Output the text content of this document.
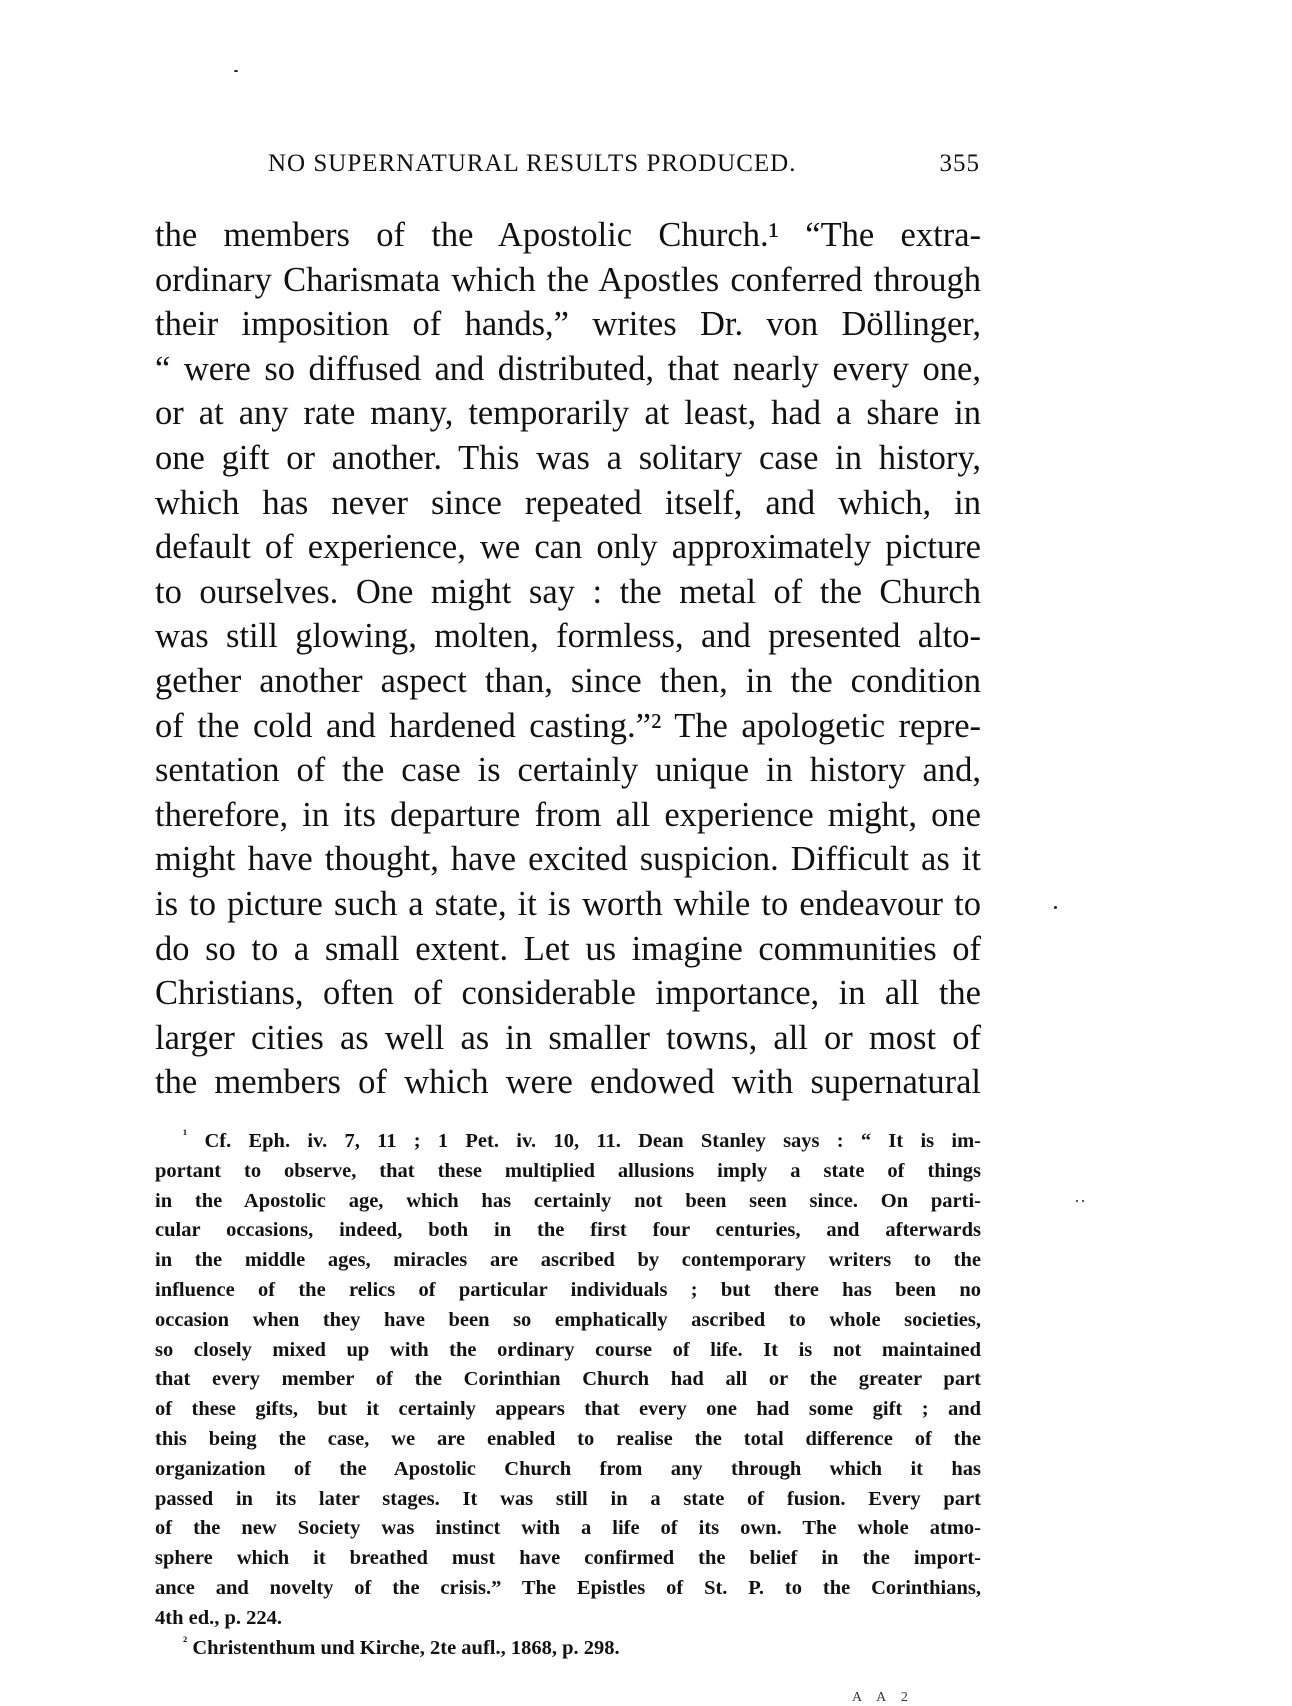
NO SUPERNATURAL RESULTS PRODUCED.	355
the members of the Apostolic Church.¹ “The extra-
ordinary Charismata which the Apostles conferred through
their imposition of hands,” writes Dr. von Döllinger,
“ were so diffused and distributed, that nearly every one,
or at any rate many, temporarily at least, had a share in
one gift or another. This was a solitary case in history,
which has never since repeated itself, and which, in
default of experience, we can only approximately picture
to ourselves. One might say : the metal of the Church
was still glowing, molten, formless, and presented alto-
gether another aspect than, since then, in the condition
of the cold and hardened casting.”² The apologetic repre-
sentation of the case is certainly unique in history and,
therefore, in its departure from all experience might, one
might have thought, have excited suspicion. Difficult as it
is to picture such a state, it is worth while to endeavour to
do so to a small extent. Let us imagine communities of
Christians, often of considerable importance, in all the
larger cities as well as in smaller towns, all or most of
the members of which were endowed with supernatural
$^{^1}$ Cf. Eph. iv. 7, 11 ; 1 Pet. iv. 10, 11. Dean Stanley says : “ It is im-
portant to observe, that these multiplied allusions imply a state of things
in the Apostolic age, which has certainly not been seen since. On parti-
cular occasions, indeed, both in the first four centuries, and afterwards
in the middle ages, miracles are ascribed by contemporary writers to the
influence of the relics of particular individuals ; but there has been no
occasion when they have been so emphatically ascribed to whole societies,
so closely mixed up with the ordinary course of life. It is not maintained
that every member of the Corinthian Church had all or the greater part
of these gifts, but it certainly appears that every one had some gift ; and
this being the case, we are enabled to realise the total difference of the
organization of the Apostolic Church from any through which it has
passed in its later stages. It was still in a state of fusion. Every part
of the new Society was instinct with a life of its own. The whole atmo-
sphere which it breathed must have confirmed the belief in the import-
ance and novelty of the crisis.” The Epistles of St. P. to the Corinthians,
4th ed., p. 224.
$^{^2}$ Christenthum und Kirche, 2te aufl., 1868, p. 298.
A A 2
